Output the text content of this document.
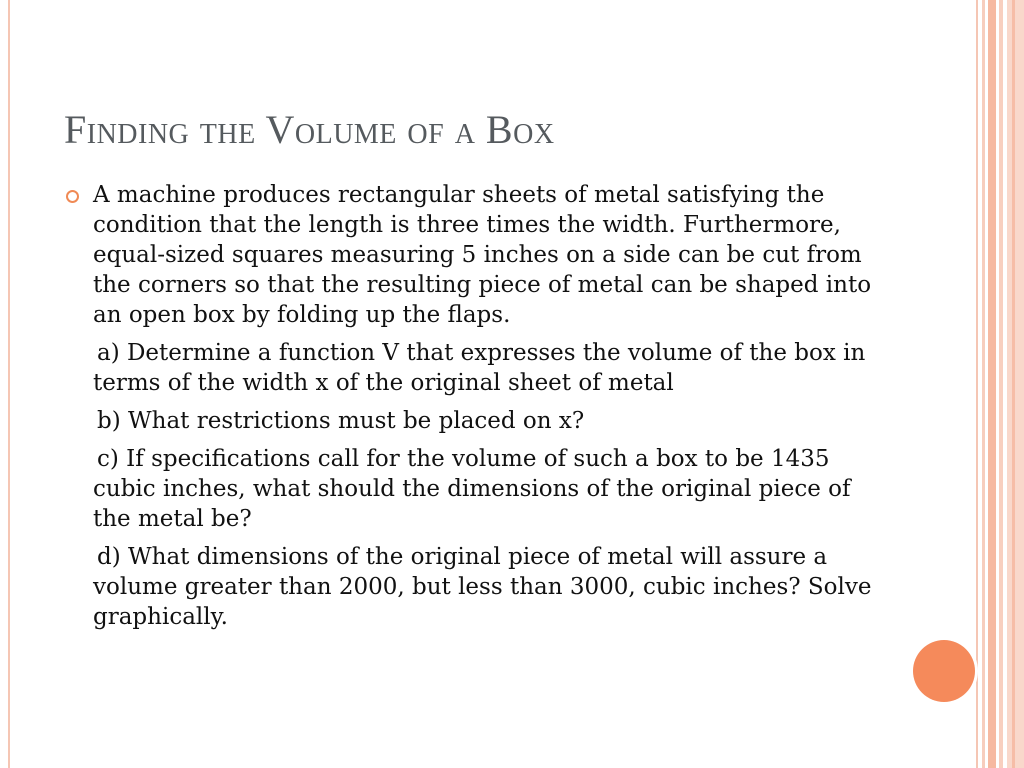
Finding the Volume of a Box

A machine produces rectangular sheets of metal satisfying the condition that the length is three times the width. Furthermore, equal-sized squares measuring 5 inches on a side can be cut from the corners so that the resulting piece of metal can be shaped into an open box by folding up the flaps.

a) Determine a function V that expresses the volume of the box in terms of the width x of the original sheet of metal

b) What restrictions must be placed on x?

c) If specifications call for the volume of such a box to be 1435 cubic inches, what should the dimensions of the original piece of the metal be?

d) What dimensions of the original piece of metal will assure a volume greater than 2000, but less than 3000, cubic inches? Solve graphically.
